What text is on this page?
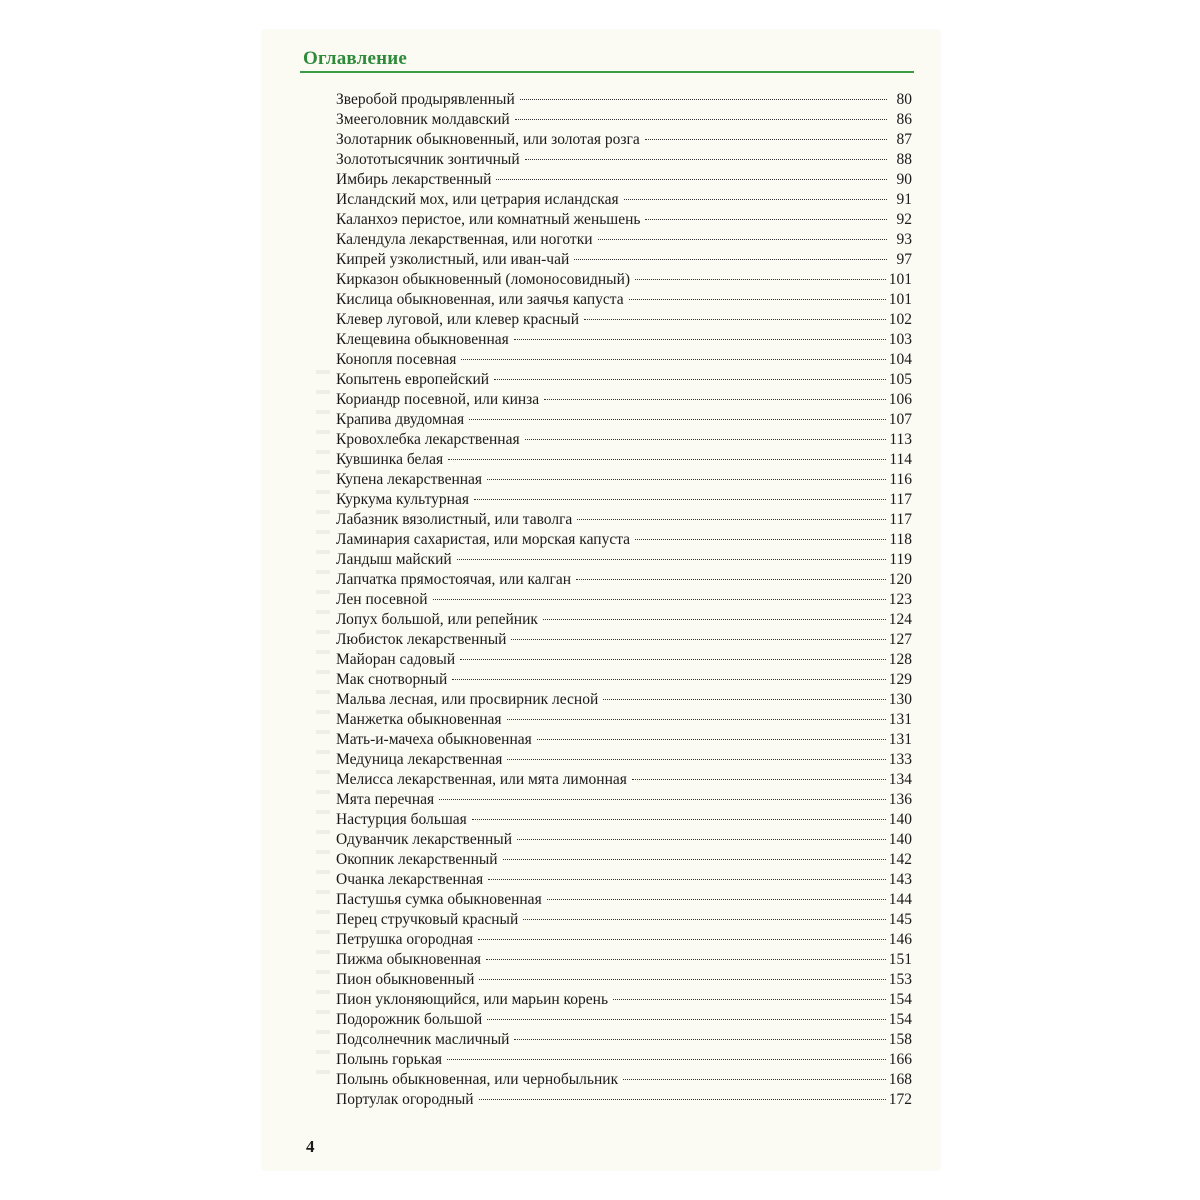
Оглавление
Зверобой продырявленный	80
Змееголовник молдавский	86
Золотарник обыкновенный, или золотая розга	87
Золототысячник зонтичный	88
Имбирь лекарственный	90
Исландский мох, или цетрария исландская	91
Каланхоэ перистое, или комнатный женьшень	92
Календула лекарственная, или ноготки	93
Кипрей узколистный, или иван-чай	97
Кирказон обыкновенный (ломоносовидный)	101
Кислица обыкновенная, или заячья капуста	101
Клевер луговой, или клевер красный	102
Клещевина обыкновенная	103
Конопля посевная	104
Копытень европейский	105
Кориандр посевной, или кинза	106
Крапива двудомная	107
Кровохлебка лекарственная	113
Кувшинка белая	114
Купена лекарственная	116
Куркума культурная	117
Лабазник вязолистный, или таволга	117
Ламинария сахаристая, или морская капуста	118
Ландыш майский	119
Лапчатка прямостоячая, или калган	120
Лен посевной	123
Лопух большой, или репейник	124
Любисток лекарственный	127
Майоран садовый	128
Мак снотворный	129
Мальва лесная, или просвирник лесной	130
Манжетка обыкновенная	131
Мать-и-мачеха обыкновенная	131
Медуница лекарственная	133
Мелисса лекарственная, или мята лимонная	134
Мята перечная	136
Настурция большая	140
Одуванчик лекарственный	140
Окопник лекарственный	142
Очанка лекарственная	143
Пастушья сумка обыкновенная	144
Перец стручковый красный	145
Петрушка огородная	146
Пижма обыкновенная	151
Пион обыкновенный	153
Пион уклоняющийся, или марьин корень	154
Подорожник большой	154
Подсолнечник масличный	158
Полынь горькая	166
Полынь обыкновенная, или чернобыльник	168
Портулак огородный	172
4
